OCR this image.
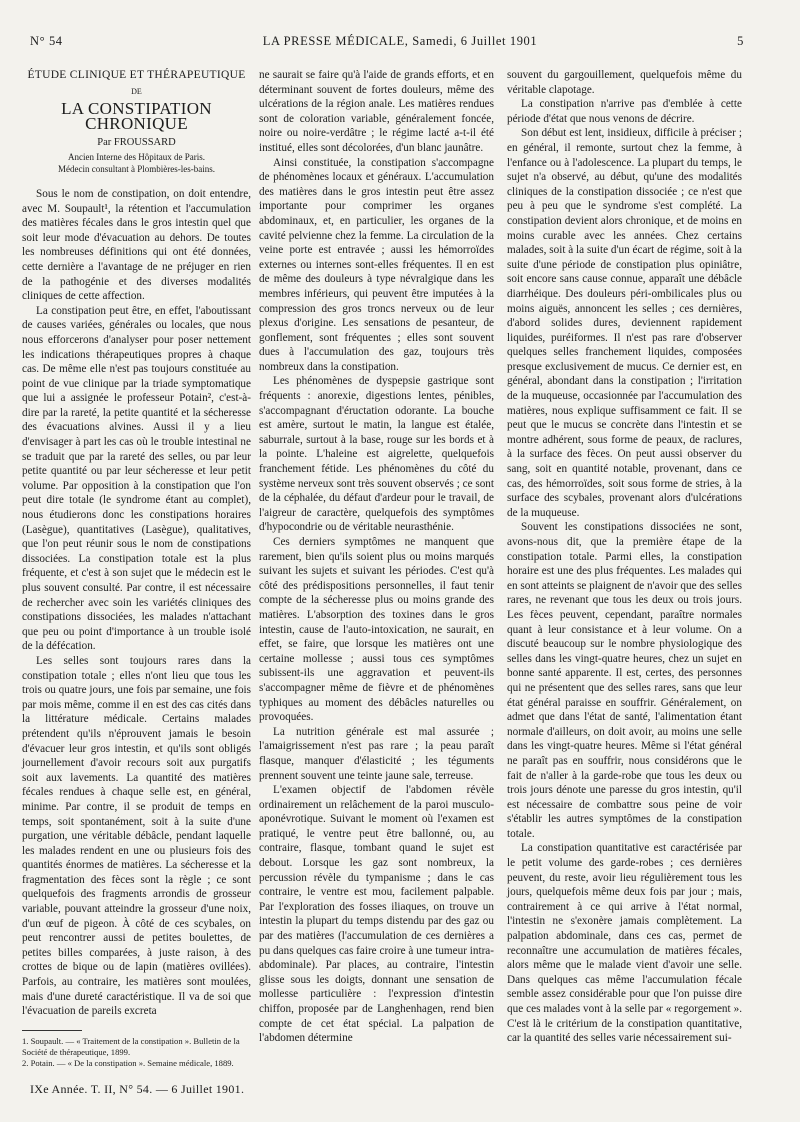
N° 54	LA PRESSE MÉDICALE, Samedi, 6 Juillet 1901	5
ÉTUDE CLINIQUE ET THÉRAPEUTIQUE
DE
LA CONSTIPATION CHRONIQUE
Par FROUSSARD
Ancien Interne des Hôpitaux de Paris.
Médecin consultant à Plombières-les-bains.

Sous le nom de constipation, on doit entendre, avec M. Soupault¹, la rétention et l'accumulation des matières fécales dans le gros intestin quel que soit leur mode d'évacuation au dehors. De toutes les nombreuses définitions qui ont été données, cette dernière a l'avantage de ne préjuger en rien de la pathogénie et des diverses modalités cliniques de cette affection.

La constipation peut être, en effet, l'aboutissant de causes variées, générales ou locales, que nous nous efforcerons d'analyser pour poser nettement les indications thérapeutiques propres à chaque cas. De même elle n'est pas toujours constituée au point de vue clinique par la triade symptomatique que lui a assignée le professeur Potain², c'est-à-dire par la rareté, la petite quantité et la sécheresse des évacuations alvines. Aussi il y a lieu d'envisager à part les cas où le trouble intestinal ne se traduit que par la rareté des selles, ou par leur petite quantité ou par leur sécheresse et leur petit volume. Par opposition à la constipation que l'on peut dire totale (le syndrome étant au complet), nous étudierons donc les constipations horaires (Lasègue), quantitatives (Lasègue), qualitatives, que l'on peut réunir sous le nom de constipations dissociées. La constipation totale est la plus fréquente, et c'est à son sujet que le médecin est le plus souvent consulté. Par contre, il est nécessaire de rechercher avec soin les variétés cliniques des constipations dissociées, les malades n'attachant que peu ou point d'importance à un trouble isolé de la défécation.

Les selles sont toujours rares dans la constipation totale ; elles n'ont lieu que tous les trois ou quatre jours, une fois par semaine, une fois par mois même, comme il en est des cas cités dans la littérature médicale. Certains malades prétendent qu'ils n'éprouvent jamais le besoin d'évacuer leur gros intestin, et qu'ils sont obligés journellement d'avoir recours soit aux purgatifs soit aux lavements. La quantité des matières fécales rendues à chaque selle est, en général, minime. Par contre, il se produit de temps en temps, soit spontanément, soit à la suite d'une purgation, une véritable débâcle, pendant laquelle les malades rendent en une ou plusieurs fois des quantités énormes de matières. La sécheresse et la fragmentation des fèces sont la règle ; ce sont quelquefois des fragments arrondis de grosseur variable, pouvant atteindre la grosseur d'une noix, d'un œuf de pigeon. À côté de ces scybales, on peut rencontrer aussi de petites boulettes, de petites billes comparées, à juste raison, à des crottes de bique ou de lapin (matières ovillées). Parfois, au contraire, les matières sont moulées, mais d'une dureté caractéristique. Il va de soi que l'évacuation de pareils excreta

ne saurait se faire qu'à l'aide de grands efforts, et en déterminant souvent de fortes douleurs, même des ulcérations de la région anale. Les matières rendues sont de coloration variable, généralement foncée, noire ou noire-verdâtre ; le régime lacté a-t-il été institué, elles sont décolorées, d'un blanc jaunâtre.

Ainsi constituée, la constipation s'accompagne de phénomènes locaux et généraux. L'accumulation des matières dans le gros intestin peut être assez importante pour comprimer les organes abdominaux, et, en particulier, les organes de la cavité pelvienne chez la femme. La circulation de la veine porte est entravée ; aussi les hémorroïdes externes ou internes sont-elles fréquentes. Il en est de même des douleurs à type névralgique dans les membres inférieurs, qui peuvent être imputées à la compression des gros troncs nerveux ou de leur plexus d'origine. Les sensations de pesanteur, de gonflement, sont fréquentes ; elles sont souvent dues à l'accumulation des gaz, toujours très nombreux dans la constipation.

Les phénomènes de dyspepsie gastrique sont fréquents : anorexie, digestions lentes, pénibles, s'accompagnant d'éructation odorante. La bouche est amère, surtout le matin, la langue est étalée, saburrale, surtout à la base, rouge sur les bords et à la pointe. L'haleine est aigrelette, quelquefois franchement fétide. Les phénomènes du côté du système nerveux sont très souvent observés ; ce sont de la céphalée, du défaut d'ardeur pour le travail, de l'aigreur de caractère, quelquefois des symptômes d'hypocondrie ou de véritable neurasthénie.

Ces derniers symptômes ne manquent que rarement, bien qu'ils soient plus ou moins marqués suivant les sujets et suivant les périodes. C'est qu'à côté des prédispositions personnelles, il faut tenir compte de la sécheresse plus ou moins grande des matières. L'absorption des toxines dans le gros intestin, cause de l'auto-intoxication, ne saurait, en effet, se faire, que lorsque les matières ont une certaine mollesse ; aussi tous ces symptômes subissent-ils une aggravation et peuvent-ils s'accompagner même de fièvre et de phénomènes typhiques au moment des débâcles naturelles ou provoquées.

La nutrition générale est mal assurée ; l'amaigrissement n'est pas rare ; la peau paraît flasque, manquer d'élasticité ; les téguments prennent souvent une teinte jaune sale, terreuse.

L'examen objectif de l'abdomen révèle ordinairement un relâchement de la paroi musculo-aponévrotique. Suivant le moment où l'examen est pratiqué, le ventre peut être ballonné, ou, au contraire, flasque, tombant quand le sujet est debout. Lorsque les gaz sont nombreux, la percussion révèle du tympanisme ; dans le cas contraire, le ventre est mou, facilement palpable. Par l'exploration des fosses iliaques, on trouve un intestin la plupart du temps distendu par des gaz ou par des matières (l'accumulation de ces dernières a pu dans quelques cas faire croire à une tumeur intra-abdominale). Par places, au contraire, l'intestin glisse sous les doigts, donnant une sensation de mollesse particulière : l'expression d'intestin chiffon, proposée par de Langhenhagen, rend bien compte de cet état spécial. La palpation de l'abdomen détermine

souvent du gargouillement, quelquefois même du véritable clapotage.

La constipation n'arrive pas d'emblée à cette période d'état que nous venons de décrire.

Son début est lent, insidieux, difficile à préciser ; en général, il remonte, surtout chez la femme, à l'enfance ou à l'adolescence. La plupart du temps, le sujet n'a observé, au début, qu'une des modalités cliniques de la constipation dissociée ; ce n'est que peu à peu que le syndrome s'est complété. La constipation devient alors chronique, et de moins en moins curable avec les années. Chez certains malades, soit à la suite d'un écart de régime, soit à la suite d'une période de constipation plus opiniâtre, soit encore sans cause connue, apparaît une débâcle diarrhéique. Des douleurs péri-ombilicales plus ou moins aiguës, annoncent les selles ; ces dernières, d'abord solides dures, deviennent rapidement liquides, puréiformes. Il n'est pas rare d'observer quelques selles franchement liquides, composées presque exclusivement de mucus. Ce dernier est, en général, abondant dans la constipation ; l'irritation de la muqueuse, occasionnée par l'accumulation des matières, nous explique suffisamment ce fait. Il se peut que le mucus se concrète dans l'intestin et se montre adhérent, sous forme de peaux, de raclures, à la surface des fèces. On peut aussi observer du sang, soit en quantité notable, provenant, dans ce cas, des hémorroïdes, soit sous forme de stries, à la surface des scybales, provenant alors d'ulcérations de la muqueuse.

Souvent les constipations dissociées ne sont, avons-nous dit, que la première étape de la constipation totale. Parmi elles, la constipation horaire est une des plus fréquentes. Les malades qui en sont atteints se plaignent de n'avoir que des selles rares, ne revenant que tous les deux ou trois jours. Les fèces peuvent, cependant, paraître normales quant à leur consistance et à leur volume. On a discuté beaucoup sur le nombre physiologique des selles dans les vingt-quatre heures, chez un sujet en bonne santé apparente. Il est, certes, des personnes qui ne présentent que des selles rares, sans que leur état général paraisse en souffrir. Généralement, on admet que dans l'état de santé, l'alimentation étant normale d'ailleurs, on doit avoir, au moins une selle dans les vingt-quatre heures. Même si l'état général ne paraît pas en souffrir, nous considérons que le fait de n'aller à la garde-robe que tous les deux ou trois jours dénote une paresse du gros intestin, qu'il est nécessaire de combattre sous peine de voir s'établir les autres symptômes de la constipation totale.

La constipation quantitative est caractérisée par le petit volume des garde-robes ; ces dernières peuvent, du reste, avoir lieu régulièrement tous les jours, quelquefois même deux fois par jour ; mais, contrairement à ce qui arrive à l'état normal, l'intestin ne s'exonère jamais complètement. La palpation abdominale, dans ces cas, permet de reconnaître une accumulation de matières fécales, alors même que le malade vient d'avoir une selle. Dans quelques cas même l'accumulation fécale semble assez considérable pour que l'on puisse dire que ces malades vont à la selle par « regorgement ». C'est là le critérium de la constipation quantitative, car la quantité des selles varie nécessairement sui-

1. Soupault. — « Traitement de la constipation ». Bulletin de la Société de thérapeutique, 1899.
2. Potain. — « De la constipation ». Semaine médicale, 1889.
IXe Année. T. II, N° 54. — 6 Juillet 1901.
